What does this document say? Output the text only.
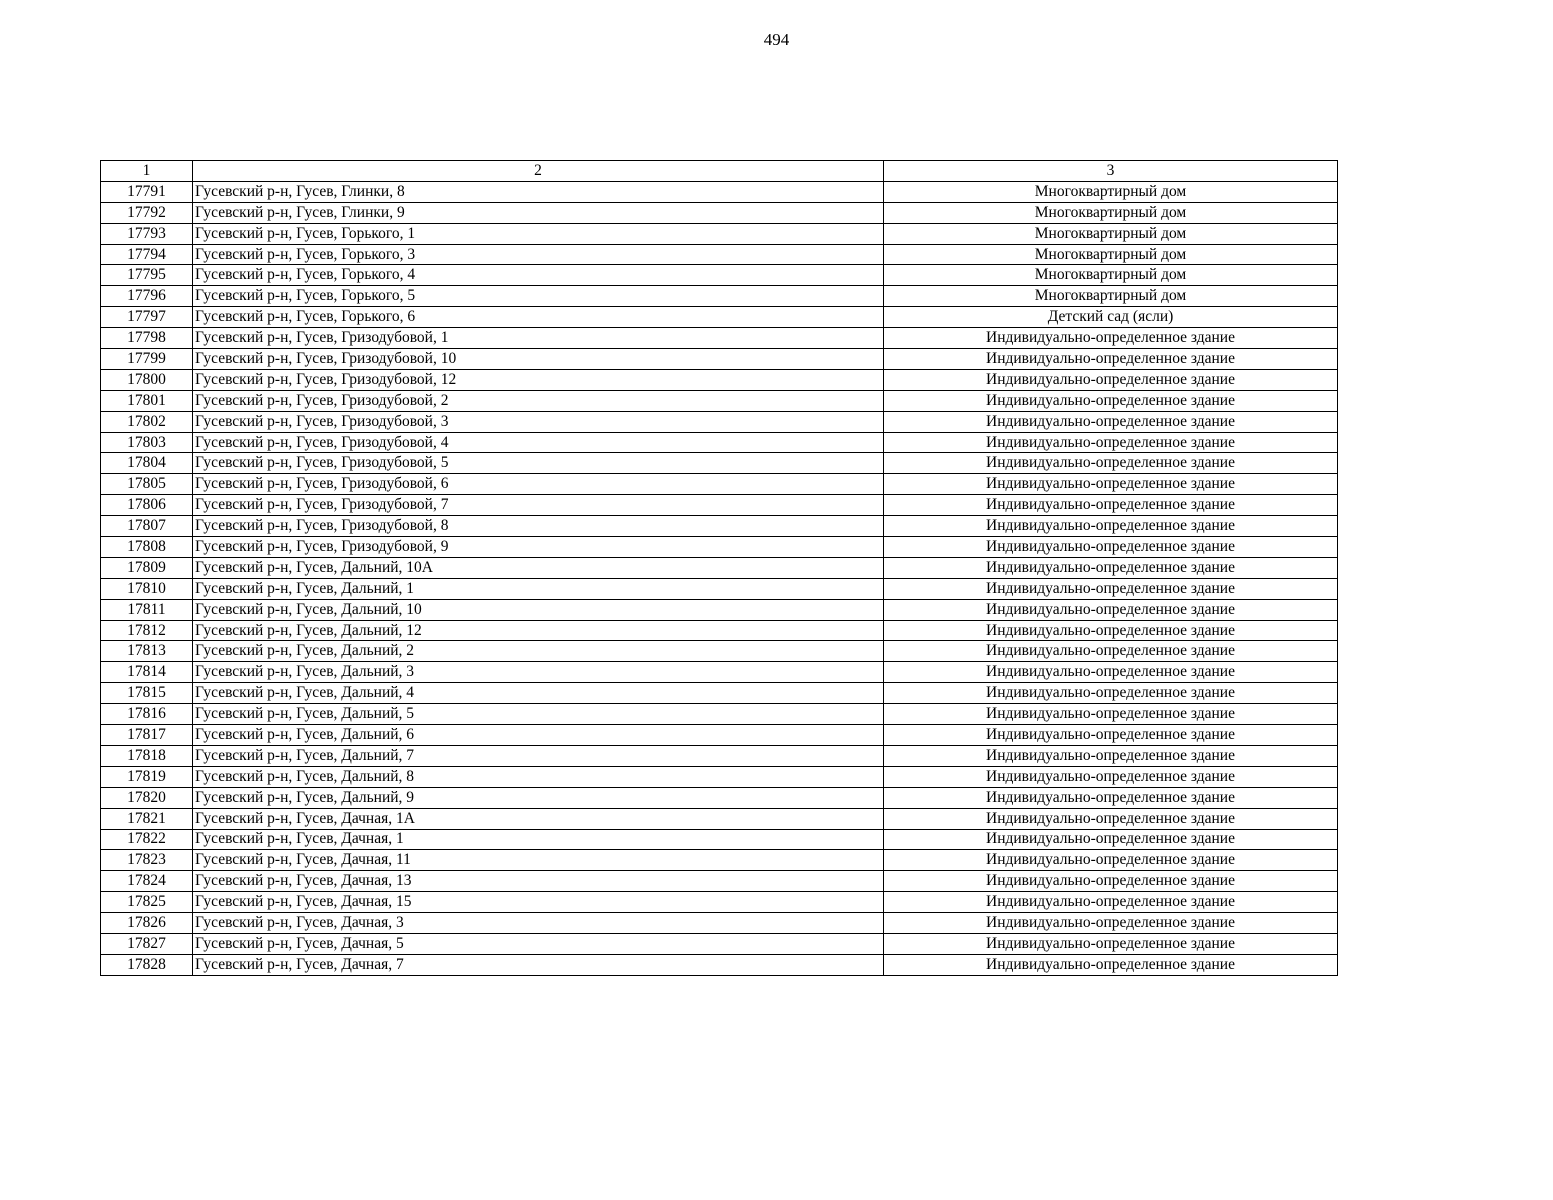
494
1	2	3
17791	Гусевский р-н, Гусев, Глинки, 8	Многоквартирный дом
17792	Гусевский р-н, Гусев, Глинки, 9	Многоквартирный дом
17793	Гусевский р-н, Гусев, Горького, 1	Многоквартирный дом
17794	Гусевский р-н, Гусев, Горького, 3	Многоквартирный дом
17795	Гусевский р-н, Гусев, Горького, 4	Многоквартирный дом
17796	Гусевский р-н, Гусев, Горького, 5	Многоквартирный дом
17797	Гусевский р-н, Гусев, Горького, 6	Детский сад (ясли)
17798	Гусевский р-н, Гусев, Гризодубовой, 1	Индивидуально-определенное здание
17799	Гусевский р-н, Гусев, Гризодубовой, 10	Индивидуально-определенное здание
17800	Гусевский р-н, Гусев, Гризодубовой, 12	Индивидуально-определенное здание
17801	Гусевский р-н, Гусев, Гризодубовой, 2	Индивидуально-определенное здание
17802	Гусевский р-н, Гусев, Гризодубовой, 3	Индивидуально-определенное здание
17803	Гусевский р-н, Гусев, Гризодубовой, 4	Индивидуально-определенное здание
17804	Гусевский р-н, Гусев, Гризодубовой, 5	Индивидуально-определенное здание
17805	Гусевский р-н, Гусев, Гризодубовой, 6	Индивидуально-определенное здание
17806	Гусевский р-н, Гусев, Гризодубовой, 7	Индивидуально-определенное здание
17807	Гусевский р-н, Гусев, Гризодубовой, 8	Индивидуально-определенное здание
17808	Гусевский р-н, Гусев, Гризодубовой, 9	Индивидуально-определенное здание
17809	Гусевский р-н, Гусев, Дальний, 10А	Индивидуально-определенное здание
17810	Гусевский р-н, Гусев, Дальний, 1	Индивидуально-определенное здание
17811	Гусевский р-н, Гусев, Дальний, 10	Индивидуально-определенное здание
17812	Гусевский р-н, Гусев, Дальний, 12	Индивидуально-определенное здание
17813	Гусевский р-н, Гусев, Дальний, 2	Индивидуально-определенное здание
17814	Гусевский р-н, Гусев, Дальний, 3	Индивидуально-определенное здание
17815	Гусевский р-н, Гусев, Дальний, 4	Индивидуально-определенное здание
17816	Гусевский р-н, Гусев, Дальний, 5	Индивидуально-определенное здание
17817	Гусевский р-н, Гусев, Дальний, 6	Индивидуально-определенное здание
17818	Гусевский р-н, Гусев, Дальний, 7	Индивидуально-определенное здание
17819	Гусевский р-н, Гусев, Дальний, 8	Индивидуально-определенное здание
17820	Гусевский р-н, Гусев, Дальний, 9	Индивидуально-определенное здание
17821	Гусевский р-н, Гусев, Дачная, 1А	Индивидуально-определенное здание
17822	Гусевский р-н, Гусев, Дачная, 1	Индивидуально-определенное здание
17823	Гусевский р-н, Гусев, Дачная, 11	Индивидуально-определенное здание
17824	Гусевский р-н, Гусев, Дачная, 13	Индивидуально-определенное здание
17825	Гусевский р-н, Гусев, Дачная, 15	Индивидуально-определенное здание
17826	Гусевский р-н, Гусев, Дачная, 3	Индивидуально-определенное здание
17827	Гусевский р-н, Гусев, Дачная, 5	Индивидуально-определенное здание
17828	Гусевский р-н, Гусев, Дачная, 7	Индивидуально-определенное здание
